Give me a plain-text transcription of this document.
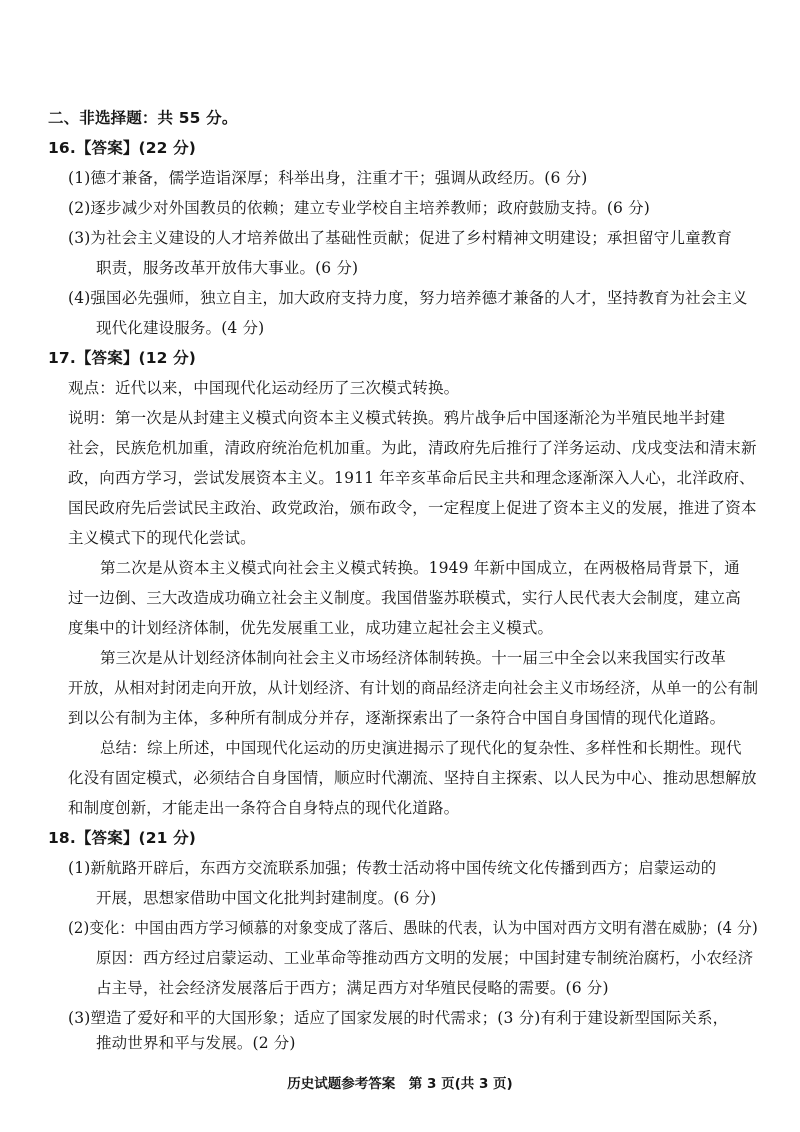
二、非选择题：共 55 分。
16.【答案】(22 分)
(1)德才兼备，儒学造诣深厚；科举出身，注重才干；强调从政经历。(6 分)
(2)逐步减少对外国教员的依赖；建立专业学校自主培养教师；政府鼓励支持。(6 分)
(3)为社会主义建设的人才培养做出了基础性贡献；促进了乡村精神文明建设；承担留守儿童教育
职责，服务改革开放伟大事业。(6 分)
(4)强国必先强师，独立自主，加大政府支持力度，努力培养德才兼备的人才，坚持教育为社会主义
现代化建设服务。(4 分)
17.【答案】(12 分)
观点：近代以来，中国现代化运动经历了三次模式转换。
说明：第一次是从封建主义模式向资本主义模式转换。鸦片战争后中国逐渐沦为半殖民地半封建
社会，民族危机加重，清政府统治危机加重。为此，清政府先后推行了洋务运动、戊戌变法和清末新
政，向西方学习，尝试发展资本主义。1911 年辛亥革命后民主共和理念逐渐深入人心，北洋政府、
国民政府先后尝试民主政治、政党政治，颁布政令，一定程度上促进了资本主义的发展，推进了资本
主义模式下的现代化尝试。
第二次是从资本主义模式向社会主义模式转换。1949 年新中国成立，在两极格局背景下，通
过一边倒、三大改造成功确立社会主义制度。我国借鉴苏联模式，实行人民代表大会制度，建立高
度集中的计划经济体制，优先发展重工业，成功建立起社会主义模式。
第三次是从计划经济体制向社会主义市场经济体制转换。十一届三中全会以来我国实行改革
开放，从相对封闭走向开放，从计划经济、有计划的商品经济走向社会主义市场经济，从单一的公有制
到以公有制为主体，多种所有制成分并存，逐渐探索出了一条符合中国自身国情的现代化道路。
总结：综上所述，中国现代化运动的历史演进揭示了现代化的复杂性、多样性和长期性。现代
化没有固定模式，必须结合自身国情，顺应时代潮流、坚持自主探索、以人民为中心、推动思想解放
和制度创新，才能走出一条符合自身特点的现代化道路。
18.【答案】(21 分)
(1)新航路开辟后，东西方交流联系加强；传教士活动将中国传统文化传播到西方；启蒙运动的
开展，思想家借助中国文化批判封建制度。(6 分)
(2)变化：中国由西方学习倾慕的对象变成了落后、愚昧的代表，认为中国对西方文明有潜在威胁；(4 分)
原因：西方经过启蒙运动、工业革命等推动西方文明的发展；中国封建专制统治腐朽，小农经济
占主导，社会经济发展落后于西方；满足西方对华殖民侵略的需要。(6 分)
(3)塑造了爱好和平的大国形象；适应了国家发展的时代需求；(3 分)有利于建设新型国际关系，
推动世界和平与发展。(2 分)
历史试题参考答案　第 3 页(共 3 页)
